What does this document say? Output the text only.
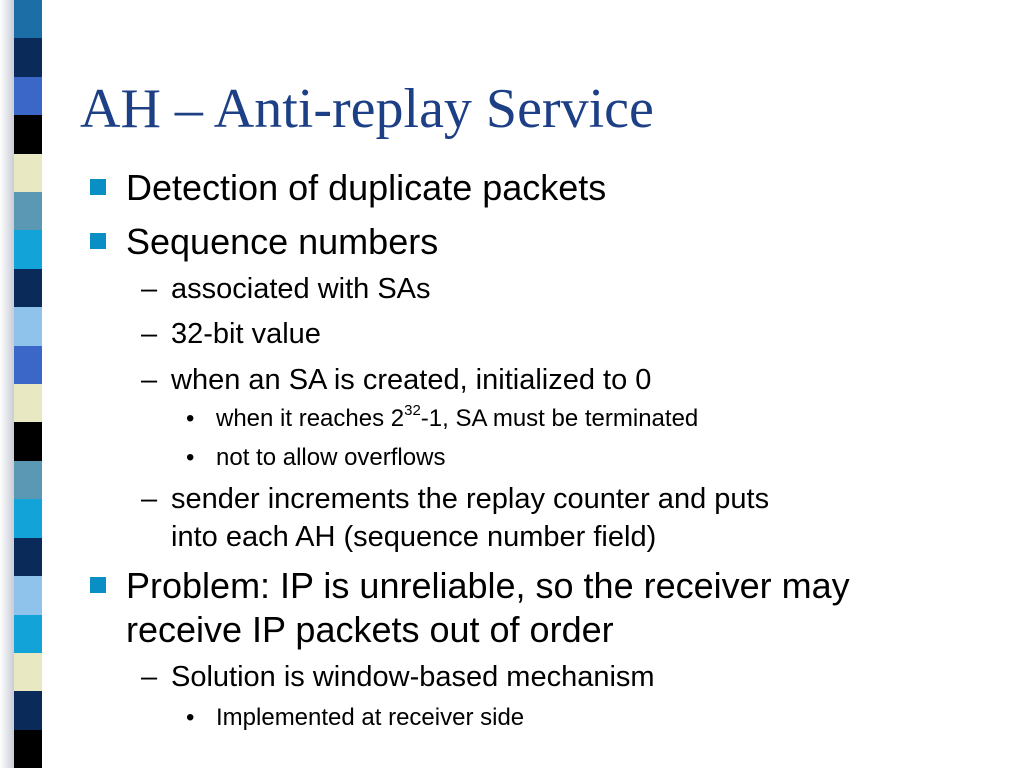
AH – Anti-replay Service
Detection of duplicate packets
Sequence numbers
– associated with SAs
– 32-bit value
– when an SA is created, initialized to 0
• when it reaches $2^{32}-1$, SA must be terminated
• not to allow overflows
– sender increments the replay counter and puts
into each AH (sequence number field)
Problem: IP is unreliable, so the receiver may
receive IP packets out of order
– Solution is window-based mechanism
• Implemented at receiver side
